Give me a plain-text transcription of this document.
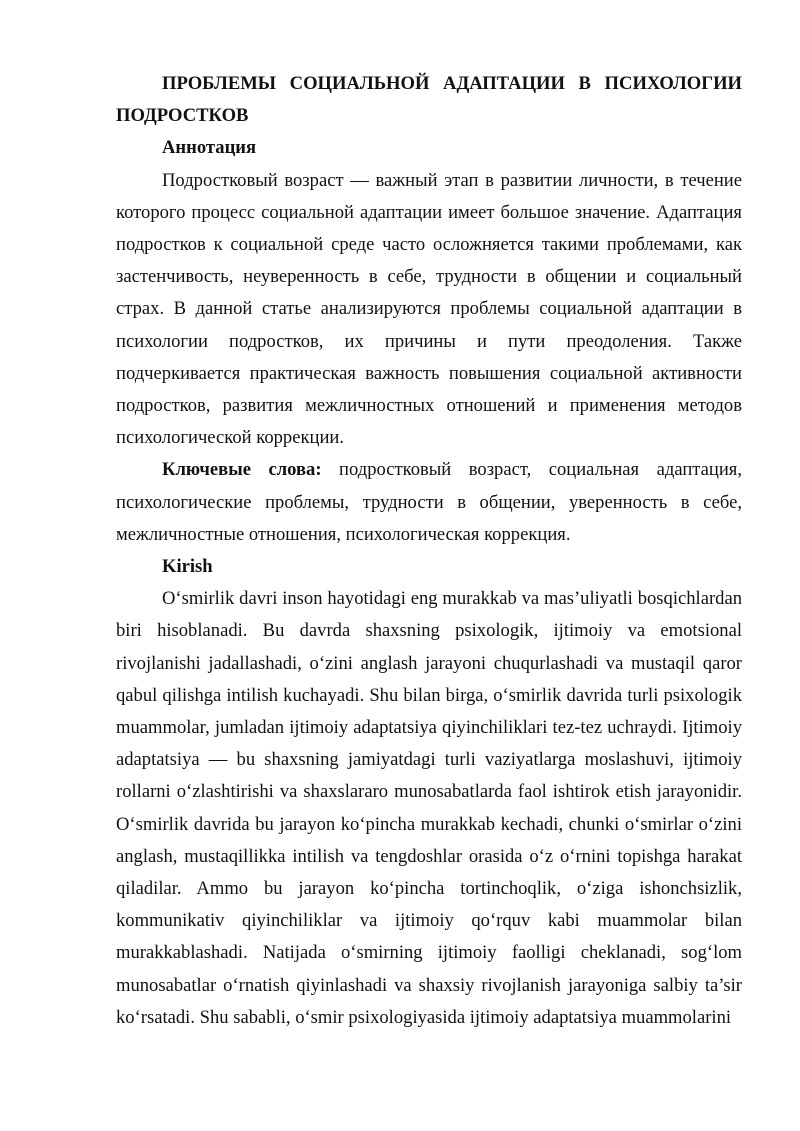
ПРОБЛЕМЫ СОЦИАЛЬНОЙ АДАПТАЦИИ В ПСИХОЛОГИИ ПОДРОСТКОВ

Аннотация

Подростковый возраст — важный этап в развитии личности, в течение которого процесс социальной адаптации имеет большое значение. Адаптация подростков к социальной среде часто осложняется такими проблемами, как застенчивость, неуверенность в себе, трудности в общении и социальный страх. В данной статье анализируются проблемы социальной адаптации в психологии подростков, их причины и пути преодоления. Также подчеркивается практическая важность повышения социальной активности подростков, развития межличностных отношений и применения методов психологической коррекции.

Ключевые слова: подростковый возраст, социальная адаптация, психологические проблемы, трудности в общении, уверенность в себе, межличностные отношения, психологическая коррекция.

Kirish

O‘smirlik davri inson hayotidagi eng murakkab va mas’uliyatli bosqichlardan biri hisoblanadi. Bu davrda shaxsning psixologik, ijtimoiy va emotsional rivojlanishi jadallashadi, o‘zini anglash jarayoni chuqurlashadi va mustaqil qaror qabul qilishga intilish kuchayadi. Shu bilan birga, o‘smirlik davrida turli psixologik muammolar, jumladan ijtimoiy adaptatsiya qiyinchiliklari tez-tez uchraydi. Ijtimoiy adaptatsiya — bu shaxsning jamiyatdagi turli vaziyatlarga moslashuvi, ijtimoiy rollarni o‘zlashtirishi va shaxslararo munosabatlarda faol ishtirok etish jarayonidir. O‘smirlik davrida bu jarayon ko‘pincha murakkab kechadi, chunki o‘smirlar o‘zini anglash, mustaqillikka intilish va tengdoshlar orasida o‘z o‘rnini topishga harakat qiladilar. Ammo bu jarayon ko‘pincha tortinchoqlik, o‘ziga ishonchsizlik, kommunikativ qiyinchiliklar va ijtimoiy qo‘rquv kabi muammolar bilan murakkablashadi. Natijada o‘smirning ijtimoiy faolligi cheklanadi, sog‘lom munosabatlar o‘rnatish qiyinlashadi va shaxsiy rivojlanish jarayoniga salbiy ta’sir ko‘rsatadi. Shu sababli, o‘smir psixologiyasida ijtimoiy adaptatsiya muammolarini
